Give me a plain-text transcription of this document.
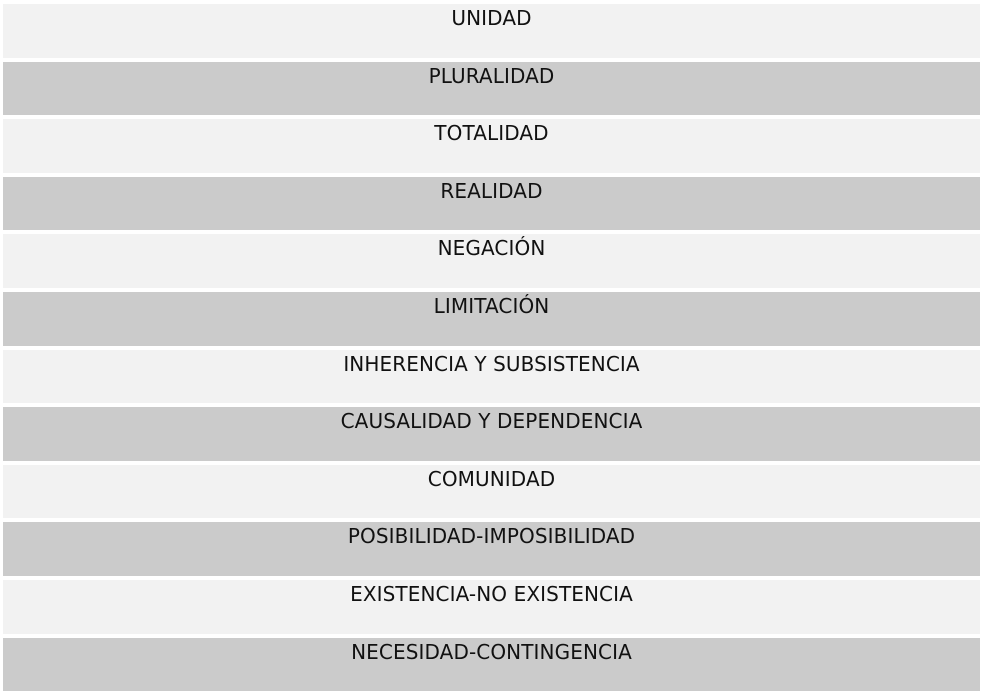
UNIDAD
PLURALIDAD
TOTALIDAD
REALIDAD
NEGACIÓN
LIMITACIÓN
INHERENCIA Y SUBSISTENCIA
CAUSALIDAD Y DEPENDENCIA
COMUNIDAD
POSIBILIDAD-IMPOSIBILIDAD
EXISTENCIA-NO EXISTENCIA
NECESIDAD-CONTINGENCIA
